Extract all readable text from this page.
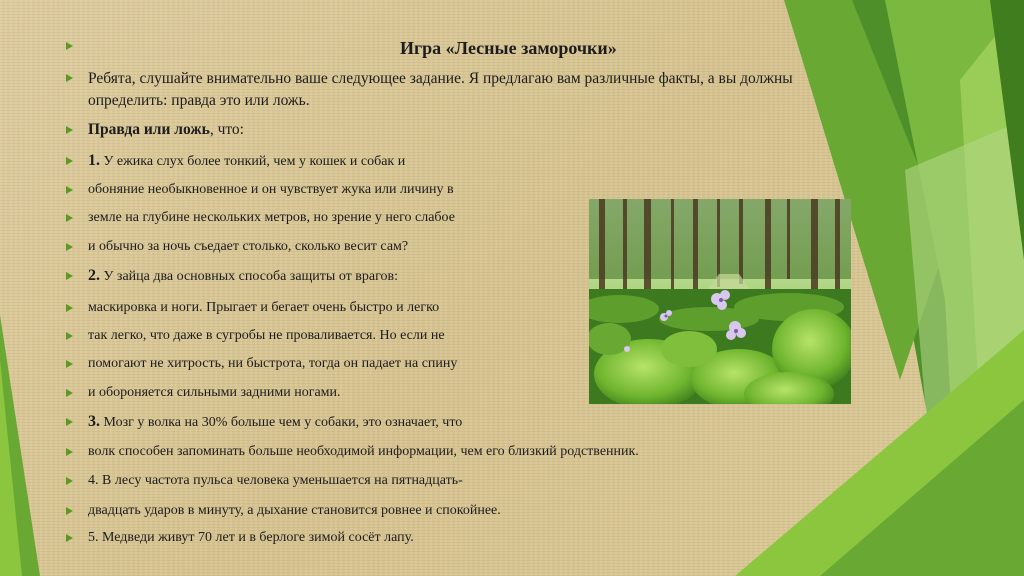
Игра «Лесные заморочки»
Ребята, слушайте внимательно ваше следующее задание. Я предлагаю вам различные факты, а вы должны
определить: правда это или ложь.
Правда или ложь, что:
1. У ежика слух более тонкий, чем у кошек и собак и
обоняние необыкновенное и он чувствует жука или личину в
земле на глубине нескольких метров, но зрение у него слабое
и обычно за ночь съедает столько, сколько весит сам?
2. У зайца два основных способа защиты от врагов:
маскировка и ноги. Прыгает и бегает очень быстро и легко
так легко, что даже в сугробы не проваливается. Но если не
помогают не хитрость, ни быстрота, тогда он падает на спину
и обороняется сильными задними ногами.
3. Мозг у волка на 30% больше чем у собаки, это означает, что
волк способен запоминать больше необходимой информации, чем его близкий родственник.
4. В лесу частота пульса человека уменьшается на пятнадцать-
двадцать ударов в минуту, а дыхание становится ровнее и спокойнее.
5. Медведи живут 70 лет и в берлоге зимой сосёт лапу.
